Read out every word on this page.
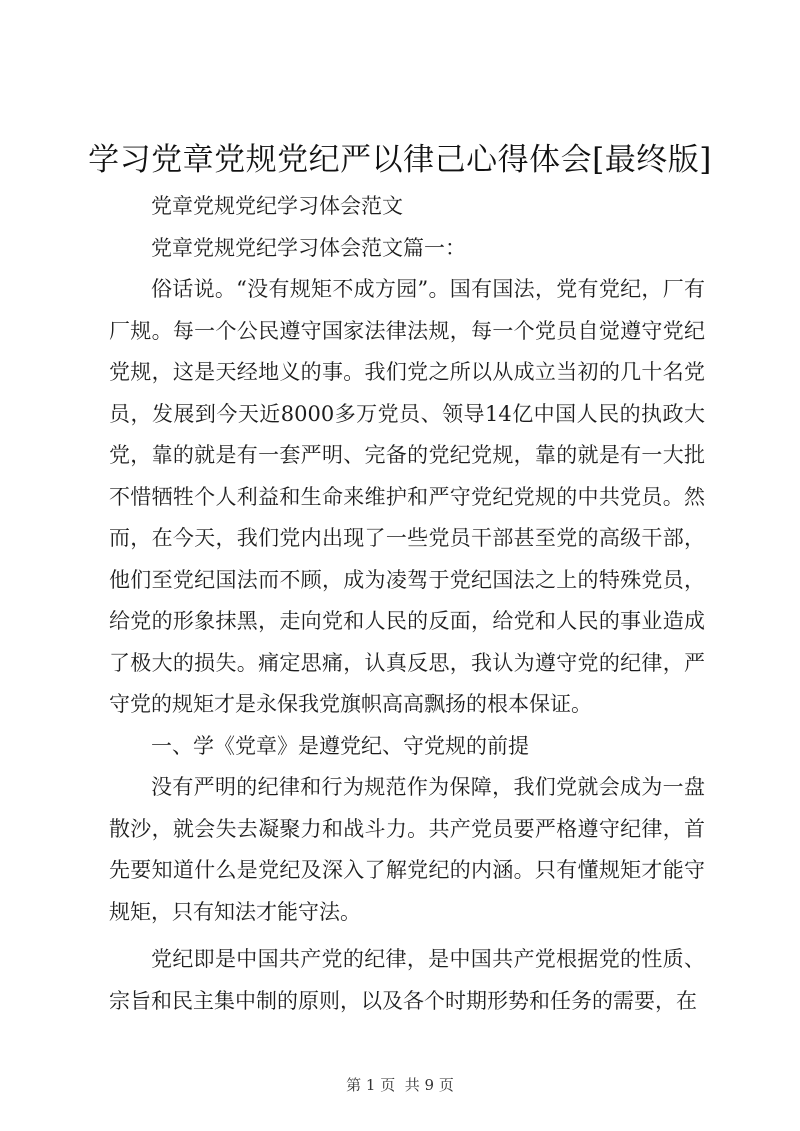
学习党章党规党纪严以律己心得体会[最终版]

党章党规党纪学习体会范文

党章党规党纪学习体会范文篇一：

俗话说。“没有规矩不成方园”。国有国法，党有党纪，厂有厂规。每一个公民遵守国家法律法规，每一个党员自觉遵守党纪党规，这是天经地义的事。我们党之所以从成立当初的几十名党员，发展到今天近8000多万党员、领导14亿中国人民的执政大党，靠的就是有一套严明、完备的党纪党规，靠的就是有一大批不惜牺牲个人利益和生命来维护和严守党纪党规的中共党员。然而，在今天，我们党内出现了一些党员干部甚至党的高级干部，他们至党纪国法而不顾，成为凌驾于党纪国法之上的特殊党员，给党的形象抹黑，走向党和人民的反面，给党和人民的事业造成了极大的损失。痛定思痛，认真反思，我认为遵守党的纪律，严守党的规矩才是永保我党旗帜高高飘扬的根本保证。

一、学《党章》是遵党纪、守党规的前提

没有严明的纪律和行为规范作为保障，我们党就会成为一盘散沙，就会失去凝聚力和战斗力。共产党员要严格遵守纪律，首先要知道什么是党纪及深入了解党纪的内涵。只有懂规矩才能守规矩，只有知法才能守法。

党纪即是中国共产党的纪律，是中国共产党根据党的性质、宗旨和民主集中制的原则，以及各个时期形势和任务的需要，在

第 1 页  共 9 页
